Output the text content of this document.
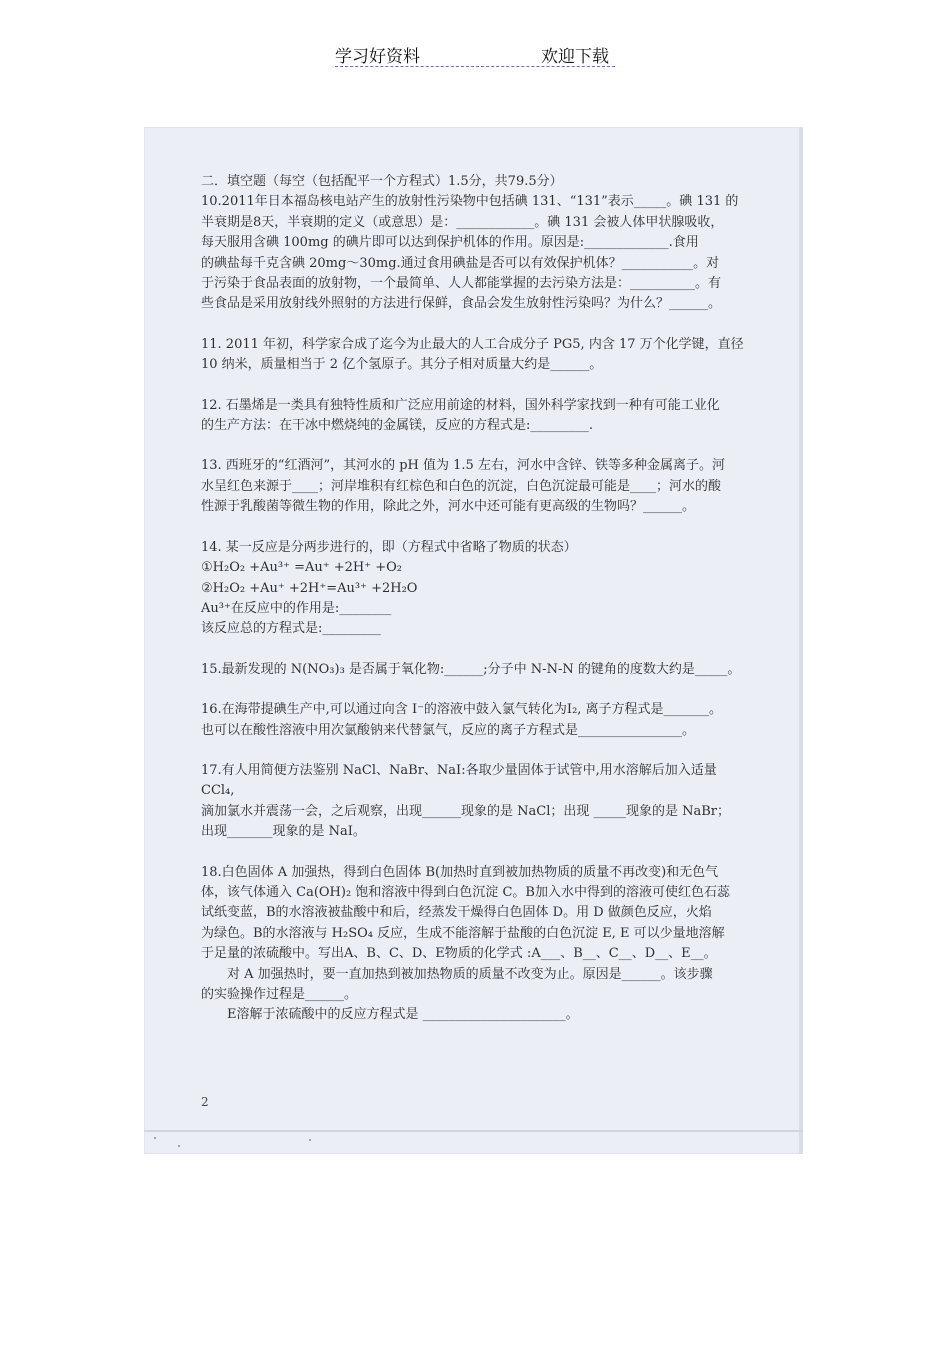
学习好资料	欢迎下载

二．填空题（每空（包括配平一个方程式）1.5分，共79.5分）

10.2011年日本福岛核电站产生的放射性污染物中包括碘 131、“131”表示_____。碘 131 的

半衰期是8天，半衰期的定义（或意思）是：____________。碘 131 会被人体甲状腺吸收，

每天服用含碘 100mg 的碘片即可以达到保护机体的作用。原因是:_____________.食用

的碘盐每千克含碘 20mg～30mg.通过食用碘盐是否可以有效保护机体？___________。对

于污染于食品表面的放射物，一个最简单、人人都能掌握的去污染方法是：__________。有

些食品是采用放射线外照射的方法进行保鲜，食品会发生放射性污染吗？为什么？______。

11. 2011 年初，科学家合成了迄今为止最大的人工合成分子 PG5, 内含 17 万个化学键，直径

10 纳米，质量相当于 2 亿个氢原子。其分子相对质量大约是______。

12. 石墨烯是一类具有独特性质和广泛应用前途的材料，国外科学家找到一种有可能工业化

的生产方法：在干冰中燃烧纯的金属镁，反应的方程式是:_________.

13. 西班牙的“红酒河”，其河水的 pH 值为 1.5 左右，河水中含锌、铁等多种金属离子。河

水呈红色来源于____；河岸堆积有红棕色和白色的沉淀，白色沉淀最可能是____；河水的酸

性源于乳酸菌等微生物的作用，除此之外，河水中还可能有更高级的生物吗？______。

14. 某一反应是分两步进行的，即（方程式中省略了物质的状态）

①H₂O₂ +Au³⁺ =Au⁺ +2H⁺ +O₂

②H₂O₂ +Au⁺ +2H⁺=Au³⁺ +2H₂O

Au³⁺在反应中的作用是:________

该反应总的方程式是:_________

15.最新发现的 N(NO₃)₃ 是否属于氧化物:______;分子中 N-N-N 的键角的度数大约是_____。

16.在海带提碘生产中,可以通过向含 I⁻的溶液中鼓入氯气转化为I₂, 离子方程式是_______。

也可以在酸性溶液中用次氯酸钠来代替氯气，反应的离子方程式是________________。

17.有人用简便方法鉴别 NaCl、NaBr、NaI:各取少量固体于试管中,用水溶解后加入适量 CCl₄,

滴加氯水并震荡一会，之后观察，出现______现象的是 NaCl；出现 _____现象的是 NaBr；

出现_______现象的是 NaI。

18.白色固体 A 加强热，得到白色固体 B(加热时直到被加热物质的质量不再改变)和无色气

体，该气体通入 Ca(OH)₂ 饱和溶液中得到白色沉淀 C。B加入水中得到的溶液可使红色石蕊

试纸变蓝，B的水溶液被盐酸中和后，经蒸发干燥得白色固体 D。用 D 做颜色反应，火焰

为绿色。B的水溶液与 H₂SO₄ 反应，生成不能溶解于盐酸的白色沉淀 E, E 可以少量地溶解

于足量的浓硫酸中。写出A、B、C、D、E物质的化学式 :A___、B__、C__、D__、E__。

对 A 加强热时，要一直加热到被加热物质的质量不改变为止。原因是______。该步骤

的实验操作过程是______。

E溶解于浓硫酸中的反应方程式是 ______________________。

2
